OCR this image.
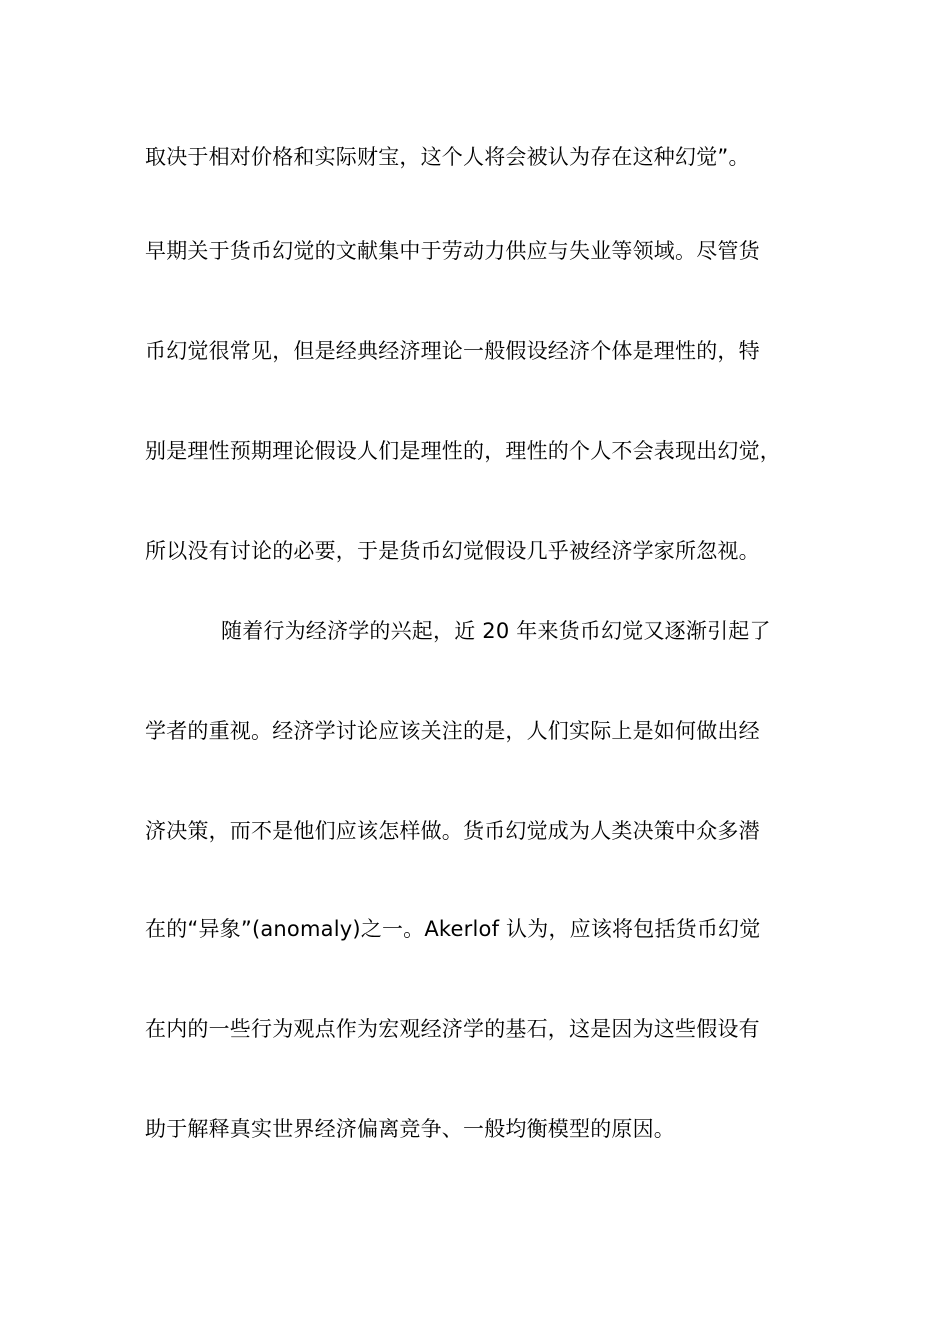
取决于相对价格和实际财宝，这个人将会被认为存在这种幻觉”。
早期关于货币幻觉的文献集中于劳动力供应与失业等领域。尽管货
币幻觉很常见，但是经典经济理论一般假设经济个体是理性的，特
别是理性预期理论假设人们是理性的，理性的个人不会表现出幻觉，
所以没有讨论的必要，于是货币幻觉假设几乎被经济学家所忽视。
随着行为经济学的兴起，近 20 年来货币幻觉又逐渐引起了
学者的重视。经济学讨论应该关注的是，人们实际上是如何做出经
济决策，而不是他们应该怎样做。货币幻觉成为人类决策中众多潜
在的“异象”(anomaly)之一。Akerlof 认为，应该将包括货币幻觉
在内的一些行为观点作为宏观经济学的基石，这是因为这些假设有
助于解释真实世界经济偏离竞争、一般均衡模型的原因。
